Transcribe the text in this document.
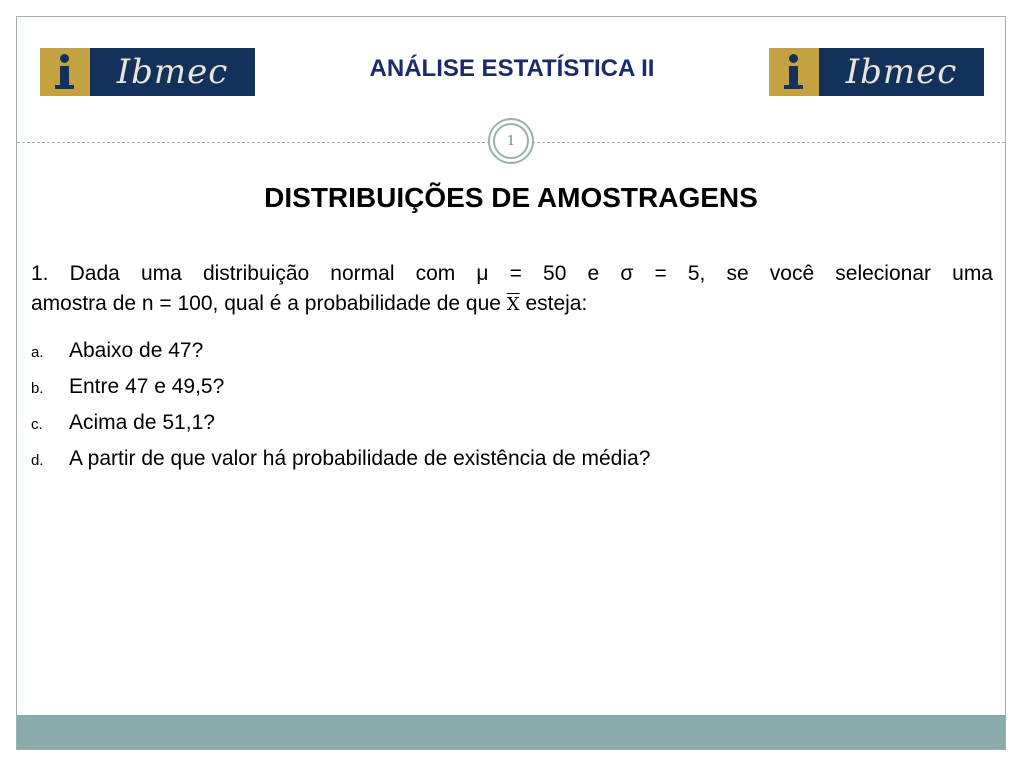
Ibmec	ANÁLISE ESTATÍSTICA II	Ibmec
1
DISTRIBUIÇÕES DE AMOSTRAGENS
1. Dada uma distribuição normal com μ = 50 e σ = 5, se você selecionar uma
amostra de n = 100, qual é a probabilidade de que $\overline{X}$ esteja:
a.	Abaixo de 47?
b.	Entre 47 e 49,5?
c.	Acima de 51,1?
d.	A partir de que valor há probabilidade de existência de média?
